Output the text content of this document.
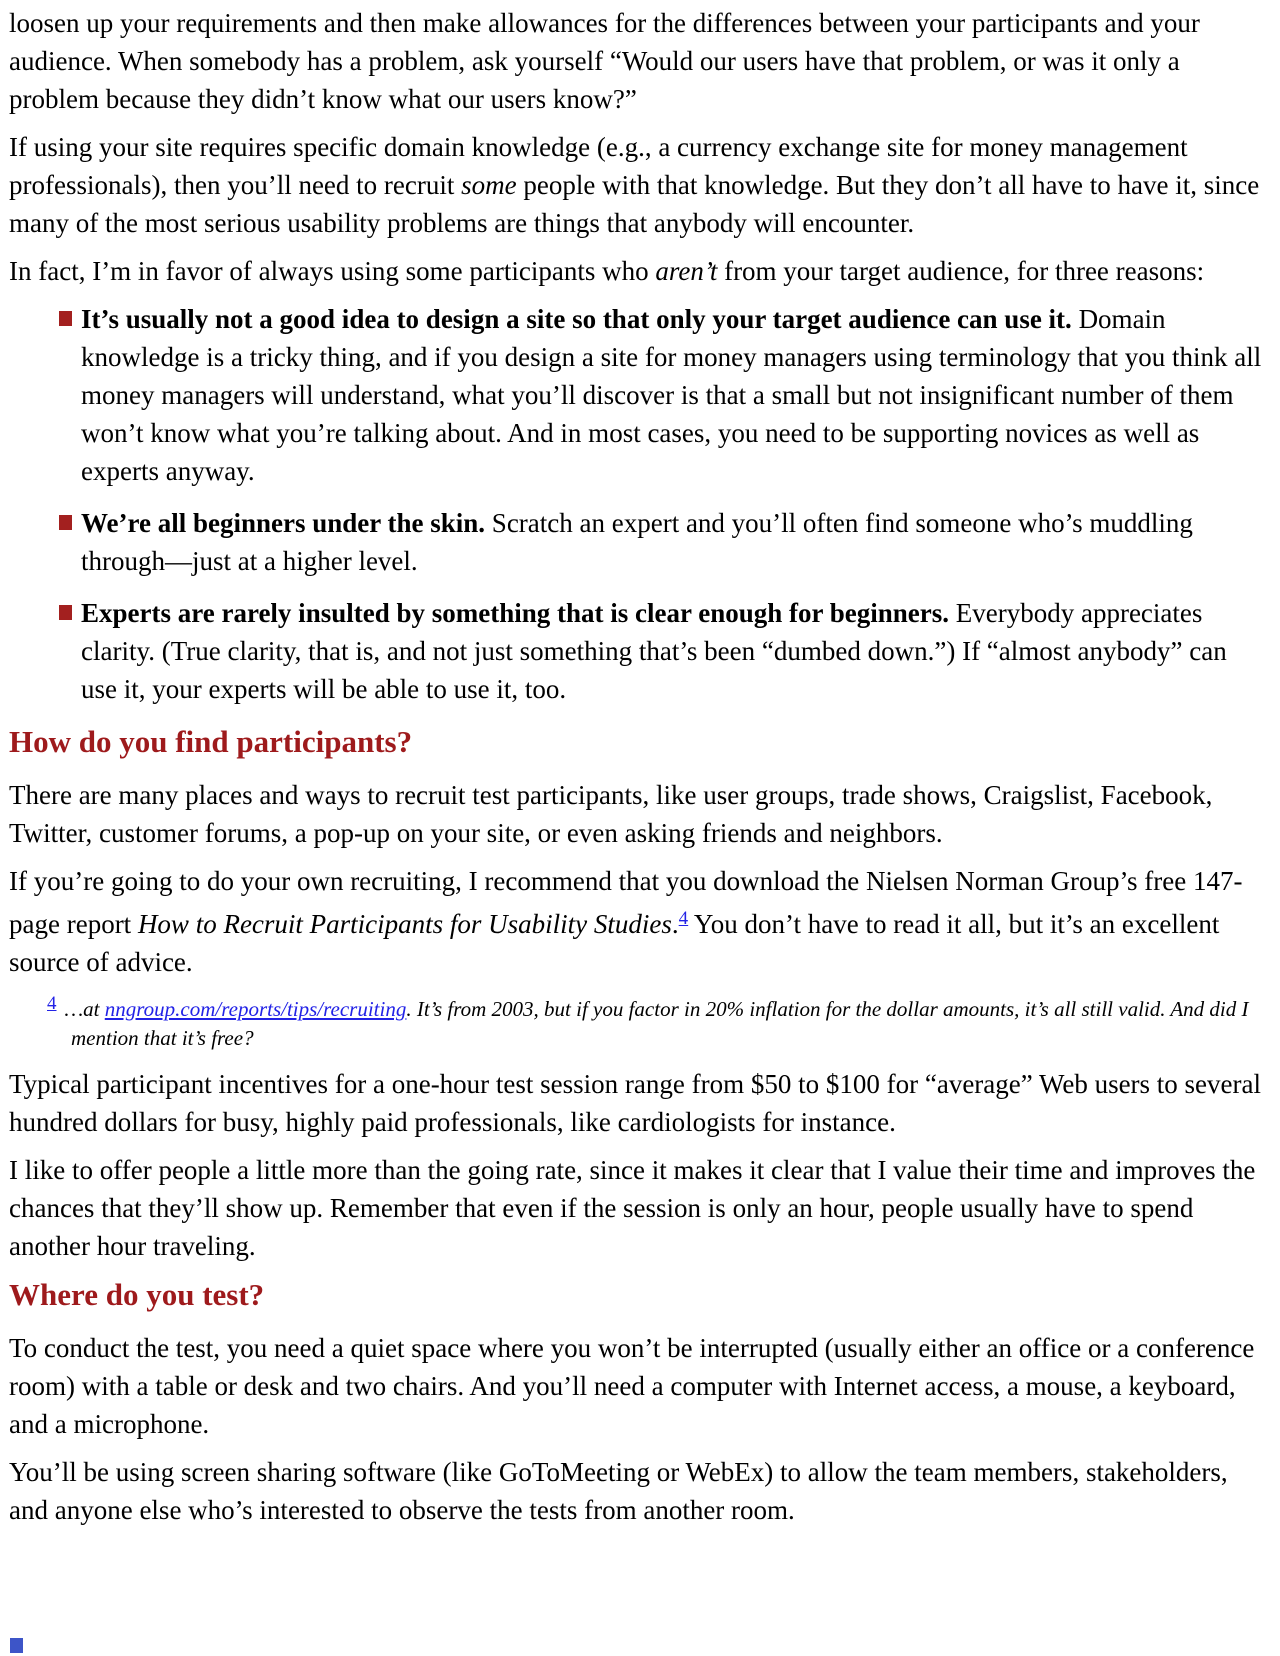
loosen up your requirements and then make allowances for the differences between your participants and your audience. When somebody has a problem, ask yourself “Would our users have that problem, or was it only a problem because they didn’t know what our users know?”

If using your site requires specific domain knowledge (e.g., a currency exchange site for money management professionals), then you’ll need to recruit some people with that knowledge. But they don’t all have to have it, since many of the most serious usability problems are things that anybody will encounter.

In fact, I’m in favor of always using some participants who aren’t from your target audience, for three reasons:

It’s usually not a good idea to design a site so that only your target audience can use it. Domain knowledge is a tricky thing, and if you design a site for money managers using terminology that you think all money managers will understand, what you’ll discover is that a small but not insignificant number of them won’t know what you’re talking about. And in most cases, you need to be supporting novices as well as experts anyway.
We’re all beginners under the skin. Scratch an expert and you’ll often find someone who’s muddling through—just at a higher level.
Experts are rarely insulted by something that is clear enough for beginners. Everybody appreciates clarity. (True clarity, that is, and not just something that’s been “dumbed down.”) If “almost anybody” can use it, your experts will be able to use it, too.
How do you find participants?

There are many places and ways to recruit test participants, like user groups, trade shows, Craigslist, Facebook, Twitter, customer forums, a pop-up on your site, or even asking friends and neighbors.

If you’re going to do your own recruiting, I recommend that you download the Nielsen Norman Group’s free 147-page report How to Recruit Participants for Usability Studies.$^4$ You don’t have to read it all, but it’s an excellent source of advice.

4 …at nngroup.com/reports/tips/recruiting. It’s from 2003, but if you factor in 20% inflation for the dollar amounts, it’s all still valid. And did I mention that it’s free?

Typical participant incentives for a one-hour test session range from $50 to $100 for “average” Web users to several hundred dollars for busy, highly paid professionals, like cardiologists for instance.

I like to offer people a little more than the going rate, since it makes it clear that I value their time and improves the chances that they’ll show up. Remember that even if the session is only an hour, people usually have to spend another hour traveling.

Where do you test?

To conduct the test, you need a quiet space where you won’t be interrupted (usually either an office or a conference room) with a table or desk and two chairs. And you’ll need a computer with Internet access, a mouse, a keyboard, and a microphone.

You’ll be using screen sharing software (like GoToMeeting or WebEx) to allow the team members, stakeholders, and anyone else who’s interested to observe the tests from another room.
